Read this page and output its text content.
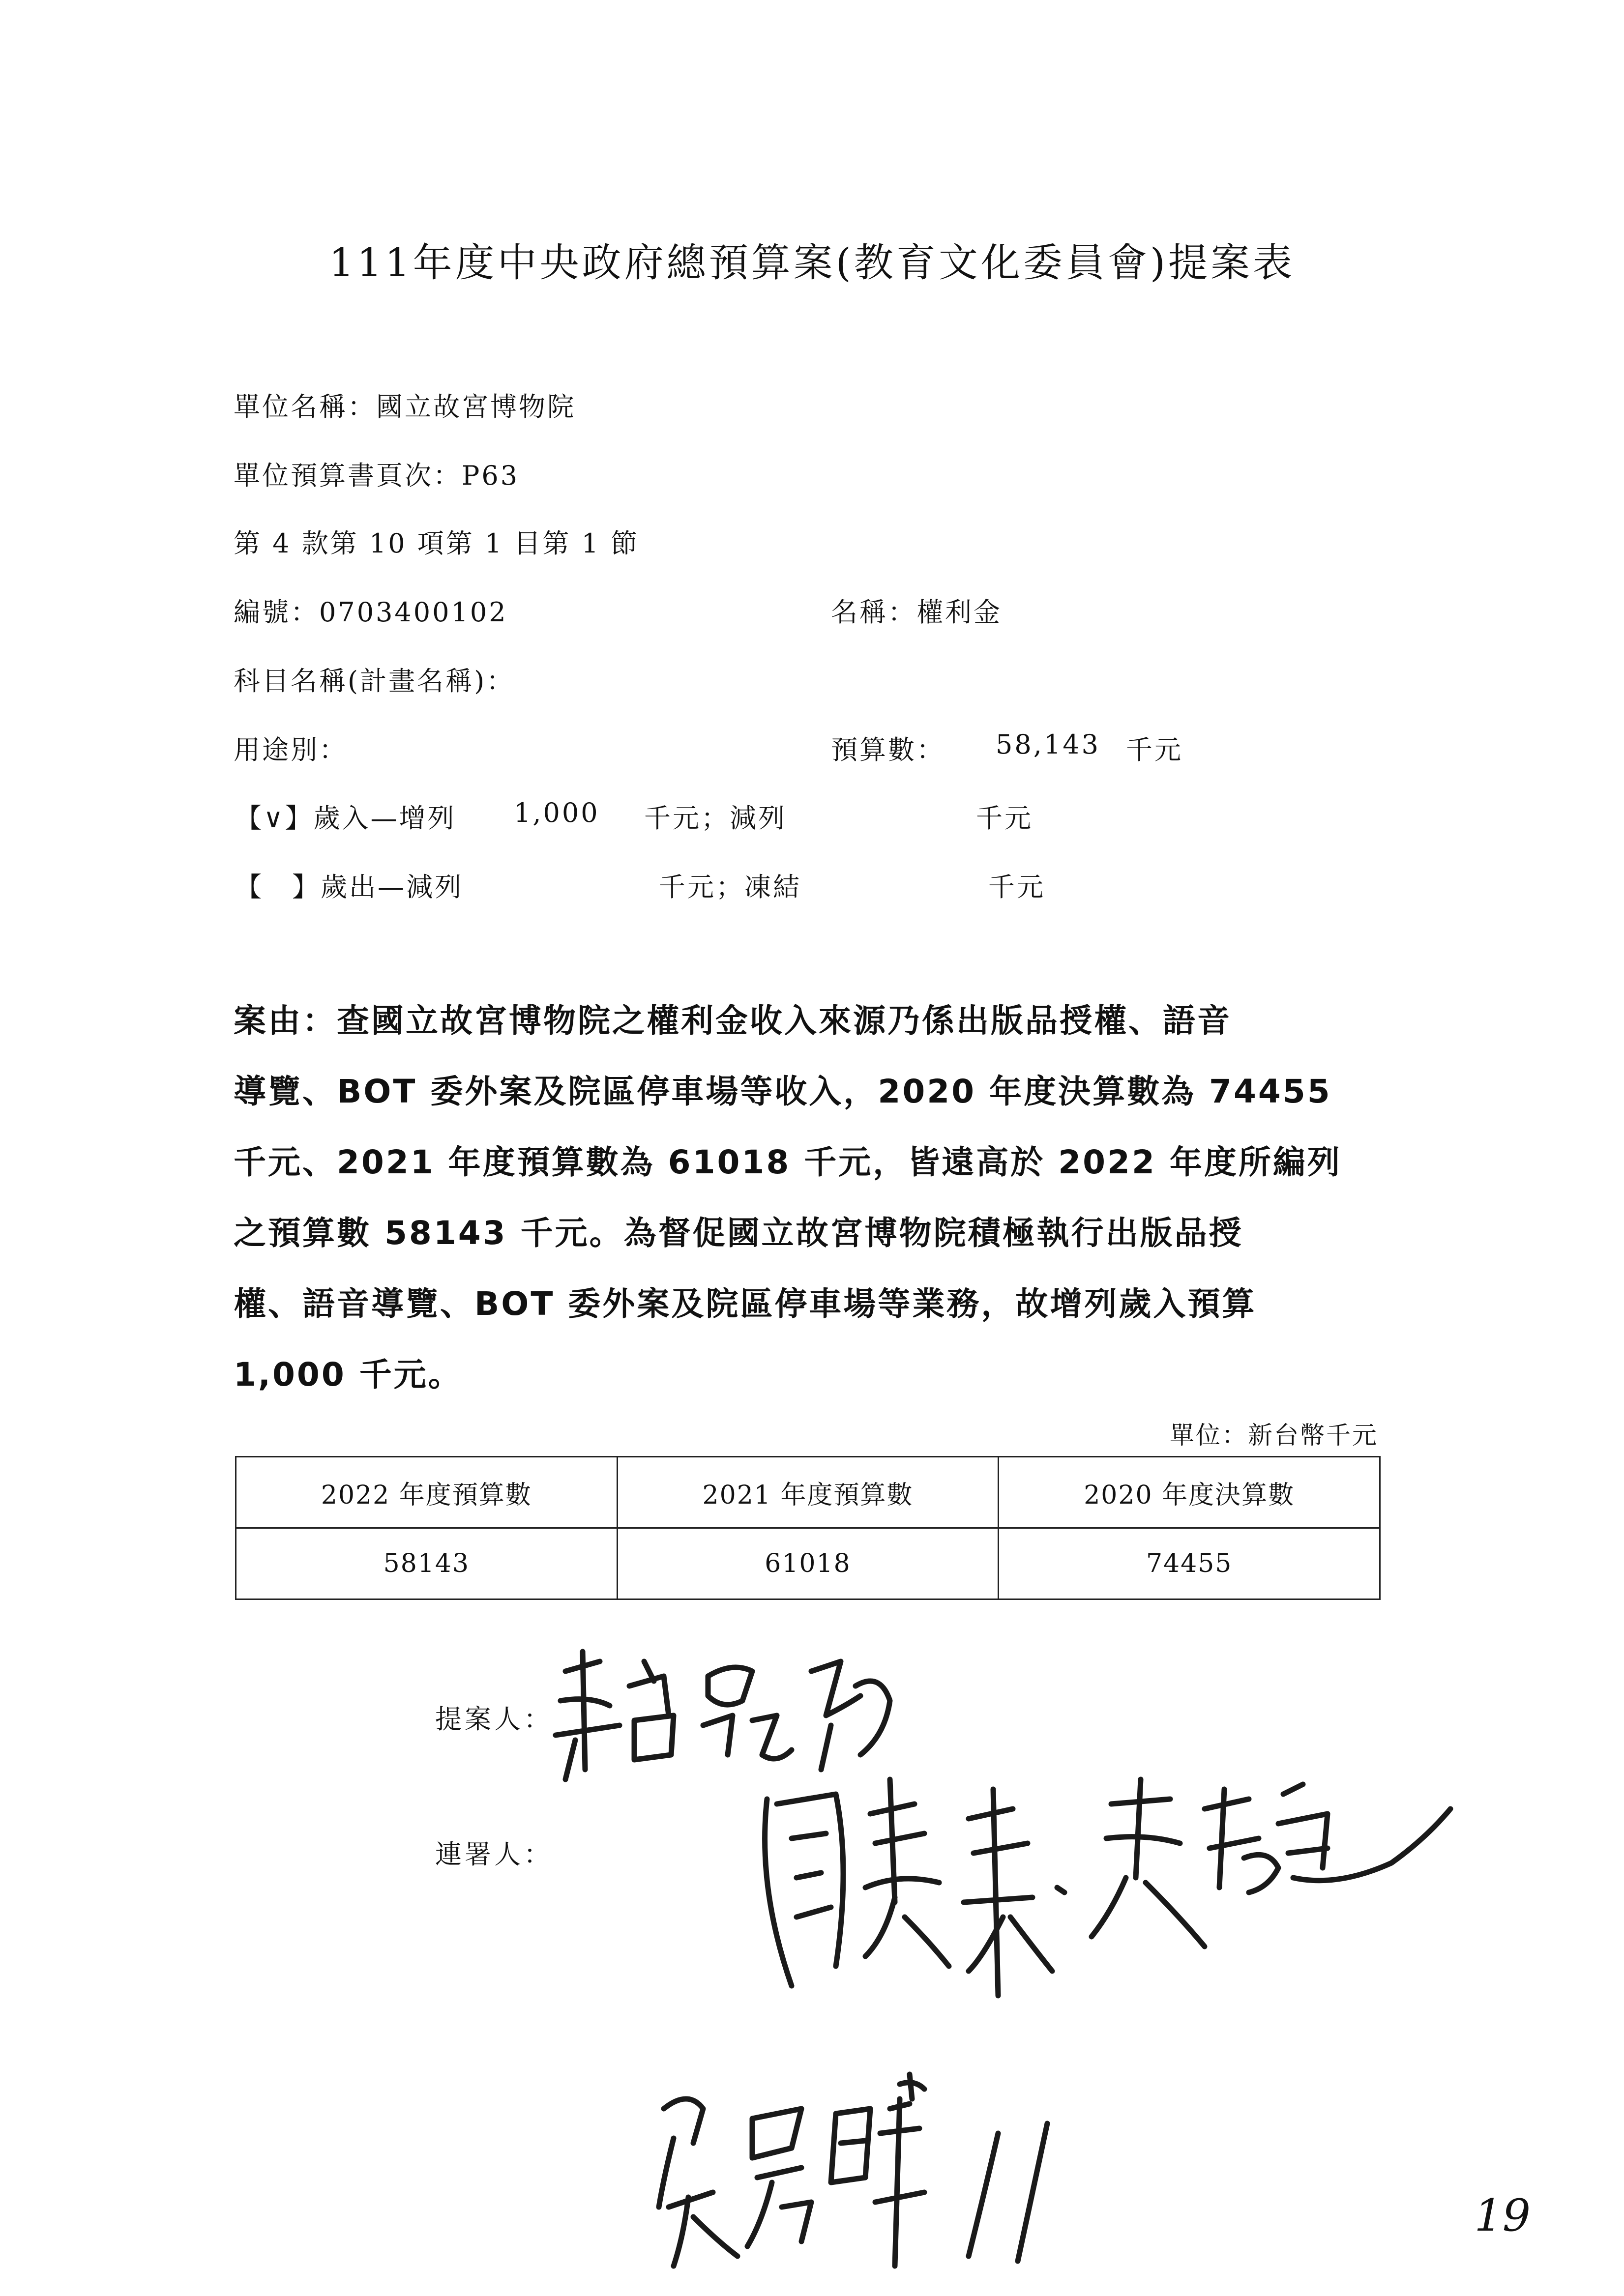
111年度中央政府總預算案(教育文化委員會)提案表
單位名稱：國立故宮博物院
單位預算書頁次：P63
第 4 款第 10 項第 1 目第 1 節
編號：0703400102	名稱：權利金
科目名稱(計畫名稱)：
用途別：	預算數： 58,143 千元
【∨】歲入—增列 1,000 千元；減列	千元
【　】歲出—減列	千元；凍結	千元
案由：查國立故宮博物院之權利金收入來源乃係出版品授權、語音
導覽、BOT 委外案及院區停車場等收入，2020 年度決算數為 74455
千元、2021 年度預算數為 61018 千元，皆遠高於 2022 年度所編列
之預算數 58143 千元。為督促國立故宮博物院積極執行出版品授
權、語音導覽、BOT 委外案及院區停車場等業務，故增列歲入預算
1,000 千元。
單位：新台幣千元
2022 年度預算數	2021 年度預算數	2020 年度決算數
58143	61018	74455
提案人：
連署人：
19
